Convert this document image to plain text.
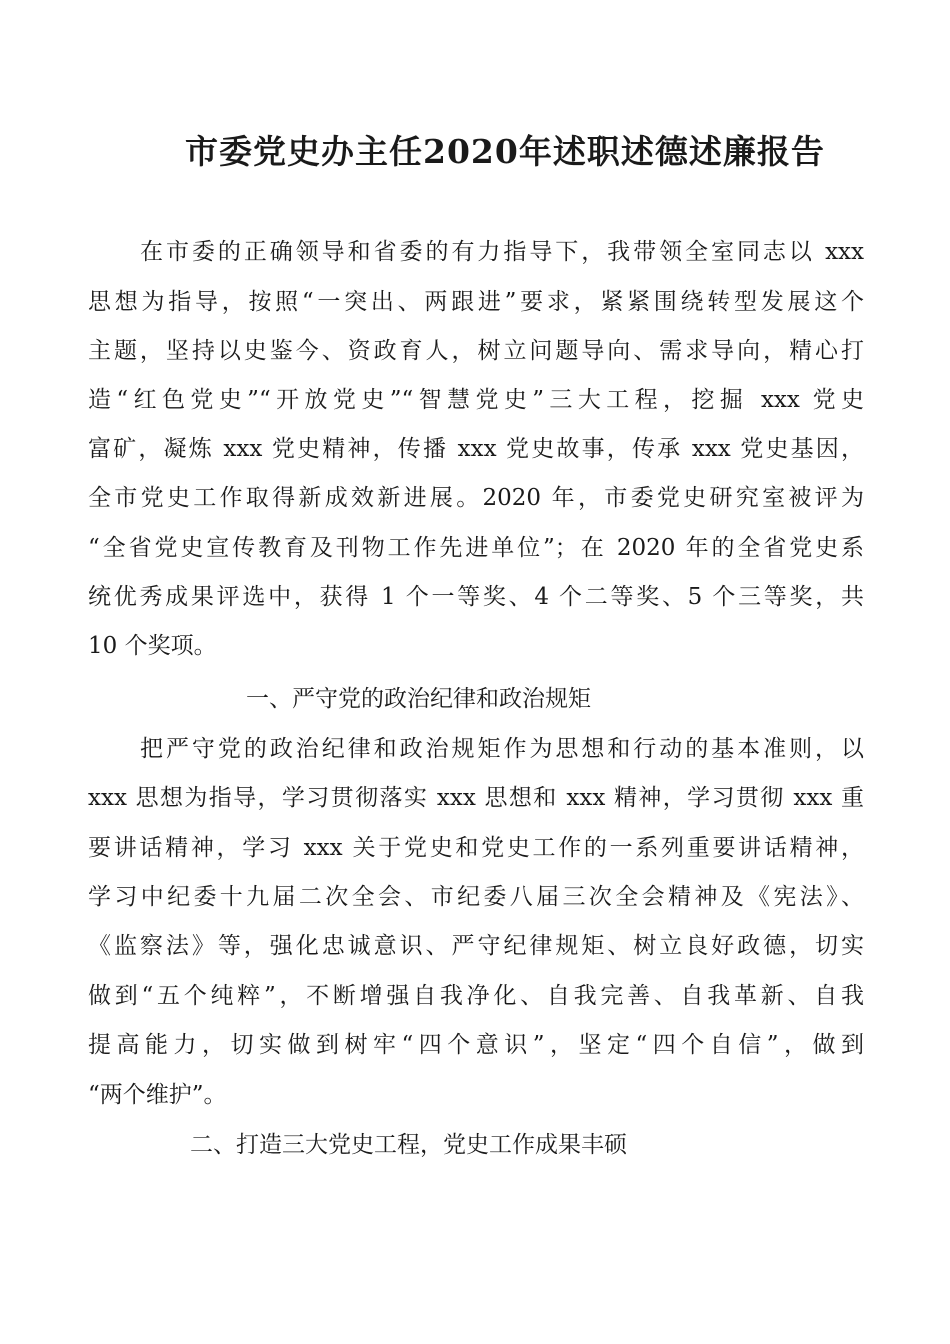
市委党史办主任2020年述职述德述廉报告
在市委的正确领导和省委的有力指导下，我带领全室同志以 xxx
思想为指导，按照“一突出、两跟进”要求，紧紧围绕转型发展这个
主题，坚持以史鉴今、资政育人，树立问题导向、需求导向，精心打
造“红色党史”“开放党史”“智慧党史”三大工程，挖掘 xxx 党史
富矿，凝炼 xxx 党史精神，传播 xxx 党史故事，传承 xxx 党史基因，
全市党史工作取得新成效新进展。2020 年，市委党史研究室被评为
“全省党史宣传教育及刊物工作先进单位”；在 2020 年的全省党史系
统优秀成果评选中，获得 1 个一等奖、4 个二等奖、5 个三等奖，共
10 个奖项。
一、严守党的政治纪律和政治规矩
把严守党的政治纪律和政治规矩作为思想和行动的基本准则，以
xxx 思想为指导，学习贯彻落实 xxx 思想和 xxx 精神，学习贯彻 xxx 重
要讲话精神，学习 xxx 关于党史和党史工作的一系列重要讲话精神，
学习中纪委十九届二次全会、市纪委八届三次全会精神及《宪法》、
《监察法》等，强化忠诚意识、严守纪律规矩、树立良好政德，切实
做到“五个纯粹”，不断增强自我净化、自我完善、自我革新、自我
提高能力，切实做到树牢“四个意识”，坚定“四个自信”，做到
“两个维护”。
二、打造三大党史工程，党史工作成果丰硕
